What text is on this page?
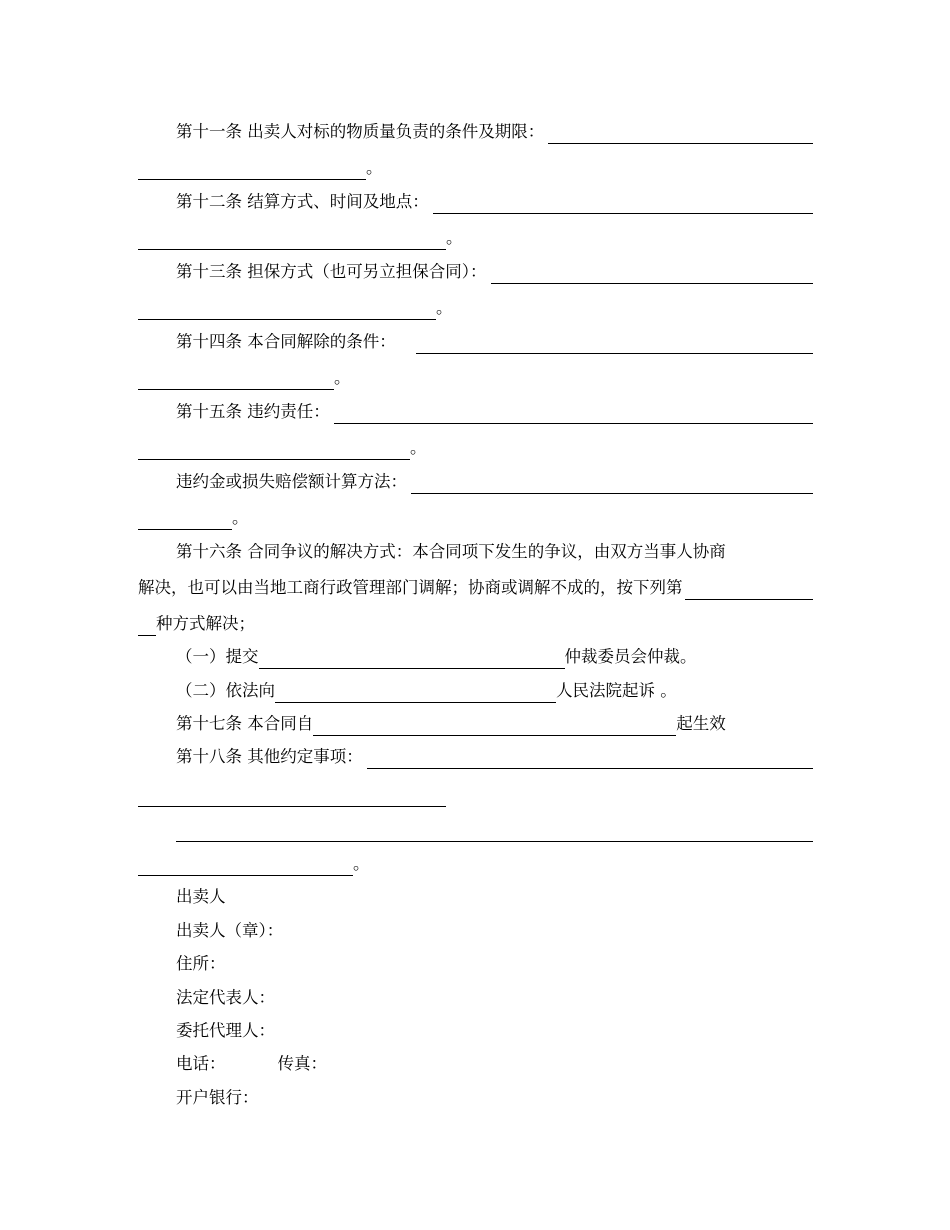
第十一条 出卖人对标的物质量负责的条件及期限：
。
第十二条 结算方式、时间及地点：
。
第十三条 担保方式（也可另立担保合同）：
。
第十四条 本合同解除的条件：
。
第十五条 违约责任：
。
违约金或损失赔偿额计算方法：
。
第十六条 合同争议的解决方式：本合同项下发生的争议，由双方当事人协商
解决，也可以由当地工商行政管理部门调解；协商或调解不成的，按下列第
种方式解决；
（一）提交	仲裁委员会仲裁。
（二）依法向	人民法院起诉 。
第十七条 本合同自	起生效
第十八条 其他约定事项：
。
出卖人
出卖人（章）：
住所：
法定代表人：
委托代理人：
电话：	传真：
开户银行：
